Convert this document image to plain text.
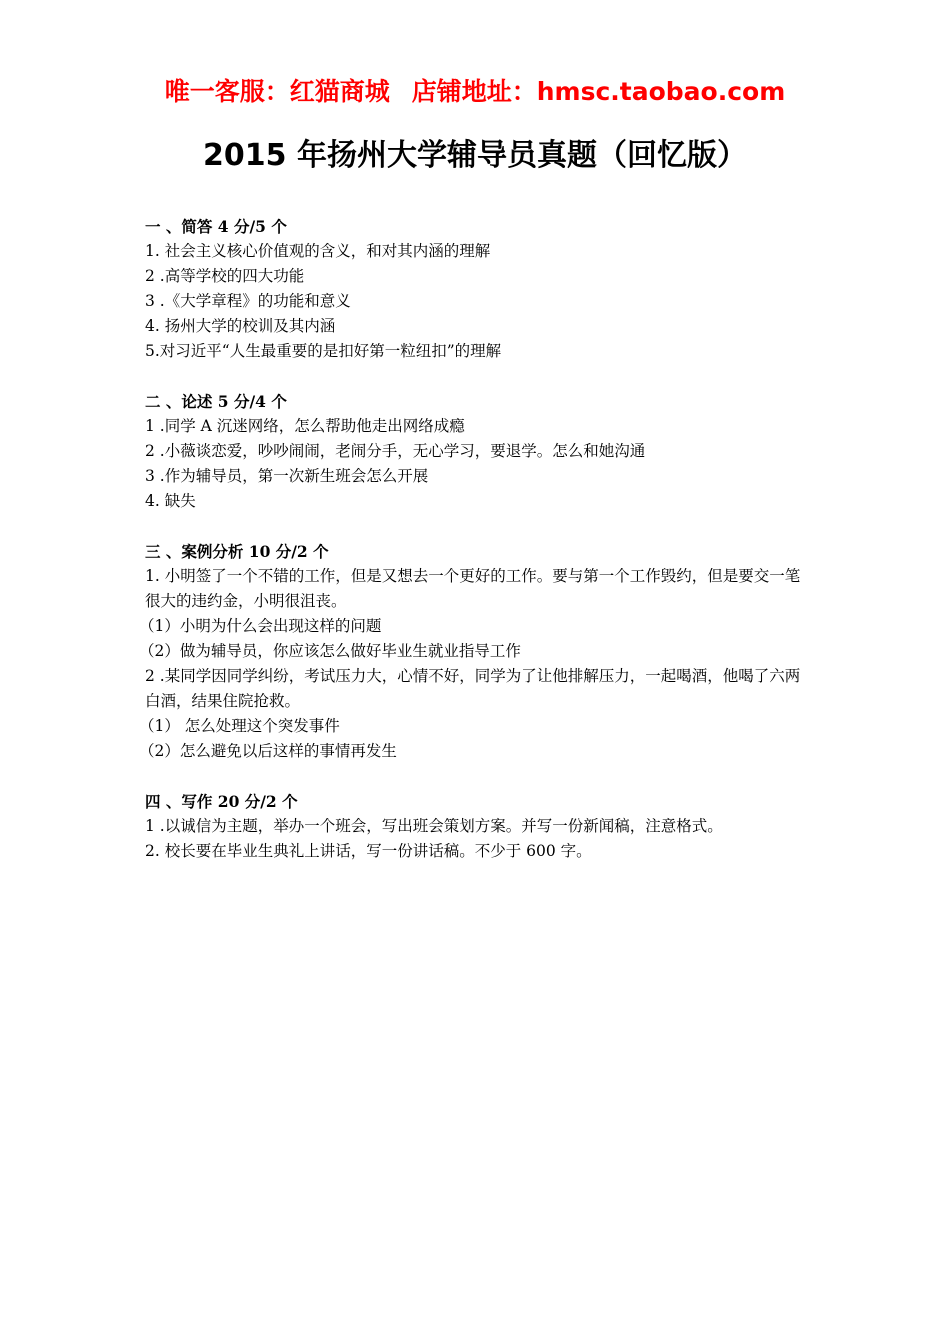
唯一客服：红猫商城 店铺地址：hmsc.taobao.com
2015 年扬州大学辅导员真题（回忆版）

一 、简答 4 分/5 个

1. 社会主义核心价值观的含义，和对其内涵的理解

2 .高等学校的四大功能

3 .《大学章程》的功能和意义

4. 扬州大学的校训及其内涵

5.对习近平“人生最重要的是扣好第一粒纽扣”的理解

二 、论述 5 分/4 个

1 .同学 A 沉迷网络，怎么帮助他走出网络成瘾

2 .小薇谈恋爱，吵吵闹闹，老闹分手，无心学习，要退学。怎么和她沟通

3 .作为辅导员，第一次新生班会怎么开展

4. 缺失

三 、案例分析 10 分/2 个

1. 小明签了一个不错的工作，但是又想去一个更好的工作。要与第一个工作毁约，但是要交一笔很大的违约金，小明很沮丧。

（1）小明为什么会出现这样的问题

（2）做为辅导员，你应该怎么做好毕业生就业指导工作

2 .某同学因同学纠纷，考试压力大，心情不好，同学为了让他排解压力，一起喝酒，他喝了六两白酒，结果住院抢救。

（1） 怎么处理这个突发事件

（2）怎么避免以后这样的事情再发生

四 、写作 20 分/2 个

1 .以诚信为主题，举办一个班会，写出班会策划方案。并写一份新闻稿，注意格式。

2. 校长要在毕业生典礼上讲话，写一份讲话稿。不少于 600 字。
